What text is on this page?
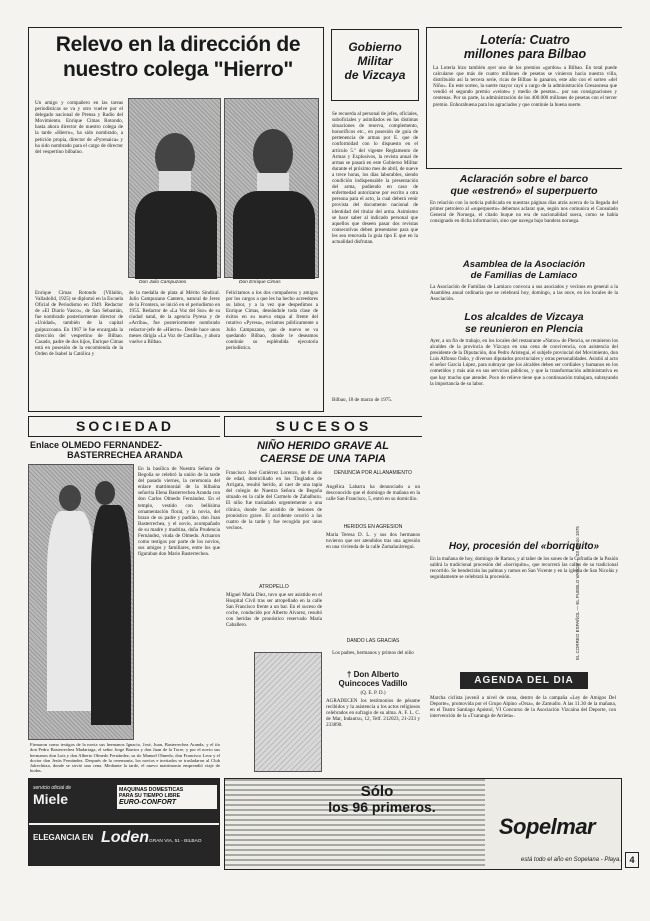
Relevo en la dirección de
nuestro colega "Hierro"

Un amigo y compañero en las tareas periodísticas se va y otro vuelve por el delegado nacional de Prensa y Radio del Movimiento. Enrique Cimas Rotondo, hasta ahora director de nuestro colega de la tarde «Hierro», ha sido nombrado, a petición propia, director de «Pyrenaica» y ha sido nombrado para el cargo de director del vespertino bilbaíno.

Don Julio Campuzano	Don Enrique Cimas

Enrique Cimas Rotondo (Villalón, Valladolid, 1925) se diplomó en la Escuela Oficial de Periodismo en 1949. Redactor de «El Diario Vasco», de San Sebastián, fue nombrado posteriormente director de «Unidad», también de la capital guipuzcoana. En 1967 le fue encargada la dirección del vespertino de Bilbao. Casado, padre de dos hijos, Enrique Cimas está en posesión de la encomienda de la Orden de Isabel la Católica y

de la medalla de plata al Mérito Sindical. Julio Campuzano Cantero, natural de Jerez de la Frontera, se inició en el periodismo en 1955. Redactor de «La Voz del Sur» de su ciudad natal, de la agencia Pyresa y de «Arriba», fue posteriormente nombrado redactor-jefe de «Hierro». Desde hace unos meses dirigía «La Voz de Castilla», y ahora vuelve a Bilbao.

Felicitamos a los dos compañeros y amigos por los cargos a que les ha hecho acreedores su labor, y a la vez que despedimos a Enrique Cimas, deseándole toda clase de éxitos en su nueva etapa al frente del rotativo «Pyresa», reclamos públicamente a Julio Campuzano, que de nuevo se va quedando Bilbao, donde le deseamos continúe su espléndida ejecutoria periodística.

Gobierno
Militar
de Vizcaya

Se recuerda al personal de jefes, oficiales, suboficiales y asimilados en las distintas situaciones de reserva, complemento, honoríficos etc., en posesión de guía de pertenencia de armas por E. que de conformidad con lo dispuesto en el artículo 5.º del vigente Reglamento de Armas y Explosivos, la revista anual de armas se pasará en este Gobierno Militar durante el próximo mes de abril, de nueve a trece horas, los días laborables, siendo condición indispensable la presentación del arma, pudiendo en caso de enfermedad autorizarse por escrito a otra persona para el acto, la cual deberá venir provista del documento nacional de identidad del titular del arma. Asimismo se hace saber al indicado personal que aquellos que deseen pasar dos revistas consecutivas deben presentarse para que les sea renovada la guía tipo E que en la actualidad disfrutan.

Bilbao, 18 de marzo de 1975.

Lotería: Cuatro
millones para Bilbao

La Lotería hizo también ayer uno de los premios «gordos» a Bilbao. En total puede calcularse que más de cuatro millones de pesetas se vinieron hacia nuestra villa, distribuido así la tercera serie, ricas de Bilbao lo ganaron, este año con el sorteo «del Niño». En este sorteo, la suerte mayor cayó a cargo de la administración Gresaonesa que vendió el segundo premio «veinte» y medio de pesetas... por sus consignaciones y centenas. Por su parte, la administración de los 400.000 millones de pesetas con el tercer premio. Enhorabuena para los agraciados y que continúe la buena suerte.

Aclaración sobre el barco
que «estrenó» el superpuerto

En relación con la noticia publicada en nuestras páginas días atrás acerca de la llegada del primer petrolero al «superpuerto» debemos aclarar que, según nos comunica el Consulado General de Noruega, el citado buque no era de nacionalidad sueca, como se había consignado en dicha información, sino que navega bajo bandera noruega.

Asamblea de la Asociación
de Familias de Lamiaco

La Asociación de Familias de Lamiaco convoca a sus asociados y vecinos en general a la Asamblea anual ordinaria que se celebrará hoy, domingo, a las once, en los locales de la Asociación.

Los alcaldes de Vizcaya
se reunieron en Plencia

Ayer, a un fin de trabajo, en los locales del restaurante «Natxo» de Plencia, se reunieron los alcaldes de la provincia de Vizcaya en una cena de convivencia, con asistencia del presidente de la Diputación, don Pedro Arístegui, el subjefe provincial del Movimiento, don Luis Alfonso Oaño, y diversos diputados provinciales y otras personalidades. Asistió al acto el señor García López, para subrayar que los alcaldes deben ser cordiales y humanos en los cometidos y más aún en sus servicios públicos, y que la transformación administrativa es que hay mucho que atender. Poco de relieve tiene que a continuación trabajara, subrayando la importancia de su labor.

Hoy, procesión del «borriquito»

En la mañana de hoy, domingo de Ramos, y al tañer de los sones de la Cofradía de la Pasión saldrá la tradicional procesión del «borriquito», que recorrerá las calles de su tradicional recorrido. Se bendecirán las palmas y ramos en San Vicente y en la iglesia de San Nicolás y seguidamente se celebrará la procesión.

AGENDA DEL DIA

Marcha ciclista juvenil a nivel de zona, dentro de la campaña «Ley de Amigos Del Deporte», promovida por el Grupo Alpino «Orsa», de Zamudio. A las 11.30 de la mañana, en el Teatro Santiago Apóstol, VI Concurso de la Asociación Vizcaína del Deporte, con intervención de la «Txaranga de Arrieta».

SOCIEDAD
Enlace OLMEDO FERNANDEZ-
BASTERRECHEA ARANDA

En la basílica de Nuestra Señora de Begoña se celebró la unión de la tarde del pasado viernes, la ceremonia del enlace matrimonial de la bilbaína señorita Elena Basterrechea Aranda con don Carlos Olmedo Fernández. En el templo, vestido con bellísima ornamentación floral, y la novia, del brazo de su padre y padrino, don Juan Basterrechea, y el novio, acompañado de su madre y madrina, doña Prudencia Fernández, viuda de Olmedo. Actuaron como testigos por parte de los novios, sus amigos y familiares, entre los que figuraban don Mario Basterrechea.

Firmaron como testigos de la novia sus hermanos Ignacio, José, Juan, Basterrechea Aranda, y el tío don Pedro Basterrechea Madariaga, el señor Jorge Barrios y don Juan de la Torre, y por el novio sus hermanos don Luis y don Alberto Olmedo Fernández, su tío Manuel Olmedo, don Francisco Leoz y el doctor don Jesús Fernández. Después de la ceremonia, los novios e invitados se trasladaron al Club Jalrechtiza, donde se sirvió una cena. Mediante la tarde, el nuevo matrimonio emprendió viaje de bodas.

SUCESOS
NIÑO HERIDO GRAVE AL
CAERSE DE UNA TAPIA

Francisco José Gutiérrez Lorenzo, de 8 años de edad, domiciliado en los Tinglados de Arrigata, resultó herido, al caer de una tapia del colegio de Nuestra Señora de Begoña situado en la calle del Carmelo de Zabalburu. El niño fue trasladado urgentemente a una clínica, donde fue asistido de lesiones de pronóstico grave. El accidente ocurrió a las cuatro de la tarde y fue recogido por unos vecinos.

ATROPELLO

Miguel María Diez, tuvo que ser asistido en el Hospital Civil tras ser atropellado en la calle San Francisco frente a un bar. En el suceso de coche, conducido por Alberto Alvarez, resultó con heridas de pronóstico reservado María Caballero.

DENUNCIA POR ALLANAMIENTO

Angélica Labarra ha denunciado a un desconocido que el domingo de mañana en la calle San Francisco, 5, entró en su domicilio.

HERIDOS EN AGRESION

María Teresa D. L. y sus dos hermanos tuvieron que ser atendidos tras una agresión en una vivienda de la calle Zumalacárregui.

DANDO LAS GRACIAS
Los padres, hermanos y primos del niño
† Don Alberto
Quincoces Vadillo
(Q. E. P. D.)

AGRADECEN los testimonios de pésame recibidos y la asistencia a los actos religiosos celebrados en sufragio de su alma. A. F. L. C. de Mar, Indautxu, 12, Telf. 212023, 21-233 y 233890.

servicio oficial de
Miele
MAQUINAS DOMESTICAS
PARA SU TIEMPO LIBRE
EURO-CONFORT
ELEGANCIA EN Loden GRAN VIA, 51 - BILBAO
Sólo
los 96 primeros.
Sopelmar
está todo el año en Sopelana - Playa. 4
EL CORREO ESPAÑOL — EL PUEBLO VASCO — 23 marzo 1975
